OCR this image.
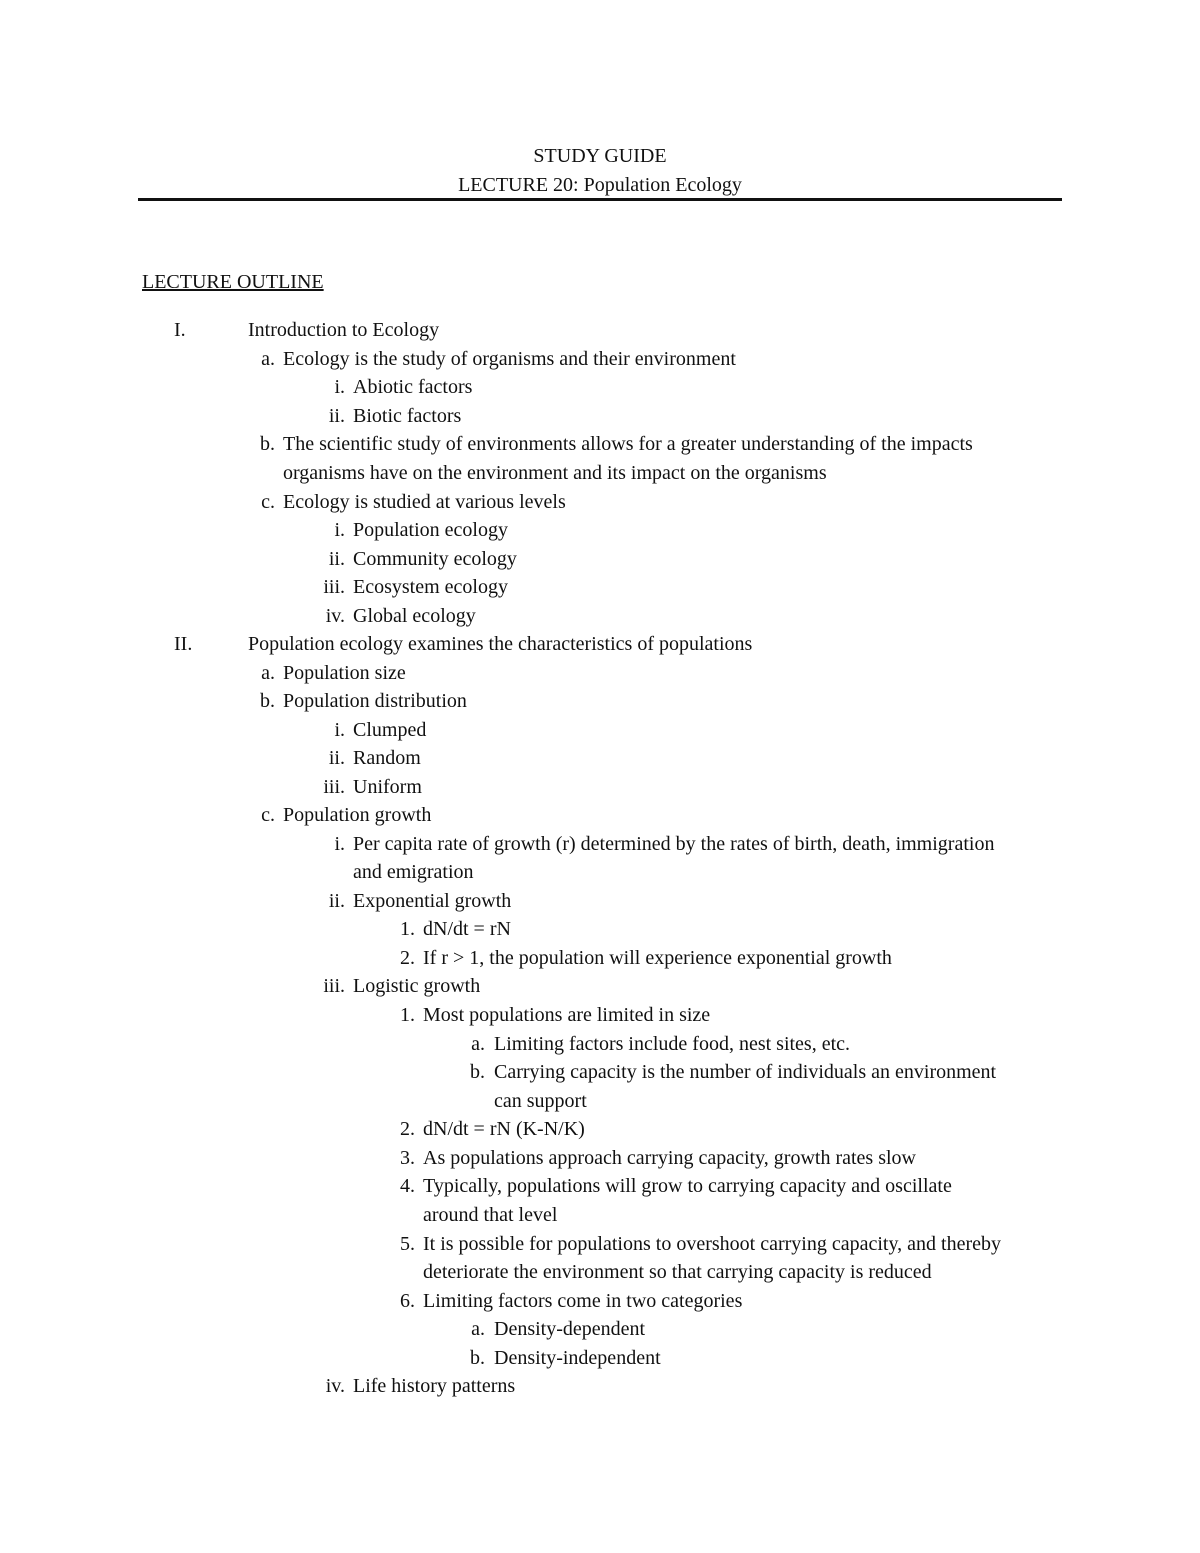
STUDY GUIDE
LECTURE 20: Population Ecology
LECTURE OUTLINE
I.	Introduction to Ecology
a. Ecology is the study of organisms and their environment
i. Abiotic factors
ii. Biotic factors
b. The scientific study of environments allows for a greater understanding of the impacts
organisms have on the environment and its impact on the organisms
c. Ecology is studied at various levels
i. Population ecology
ii. Community ecology
iii. Ecosystem ecology
iv. Global ecology
II.	Population ecology examines the characteristics of populations
a. Population size
b. Population distribution
i. Clumped
ii. Random
iii. Uniform
c. Population growth
i. Per capita rate of growth (r) determined by the rates of birth, death, immigration
and emigration
ii. Exponential growth
1. dN/dt = rN
2. If r > 1, the population will experience exponential growth
iii. Logistic growth
1. Most populations are limited in size
a. Limiting factors include food, nest sites, etc.
b. Carrying capacity is the number of individuals an environment
can support
2. dN/dt = rN (K-N/K)
3. As populations approach carrying capacity, growth rates slow
4. Typically, populations will grow to carrying capacity and oscillate
around that level
5. It is possible for populations to overshoot carrying capacity, and thereby
deteriorate the environment so that carrying capacity is reduced
6. Limiting factors come in two categories
a. Density-dependent
b. Density-independent
iv. Life history patterns
